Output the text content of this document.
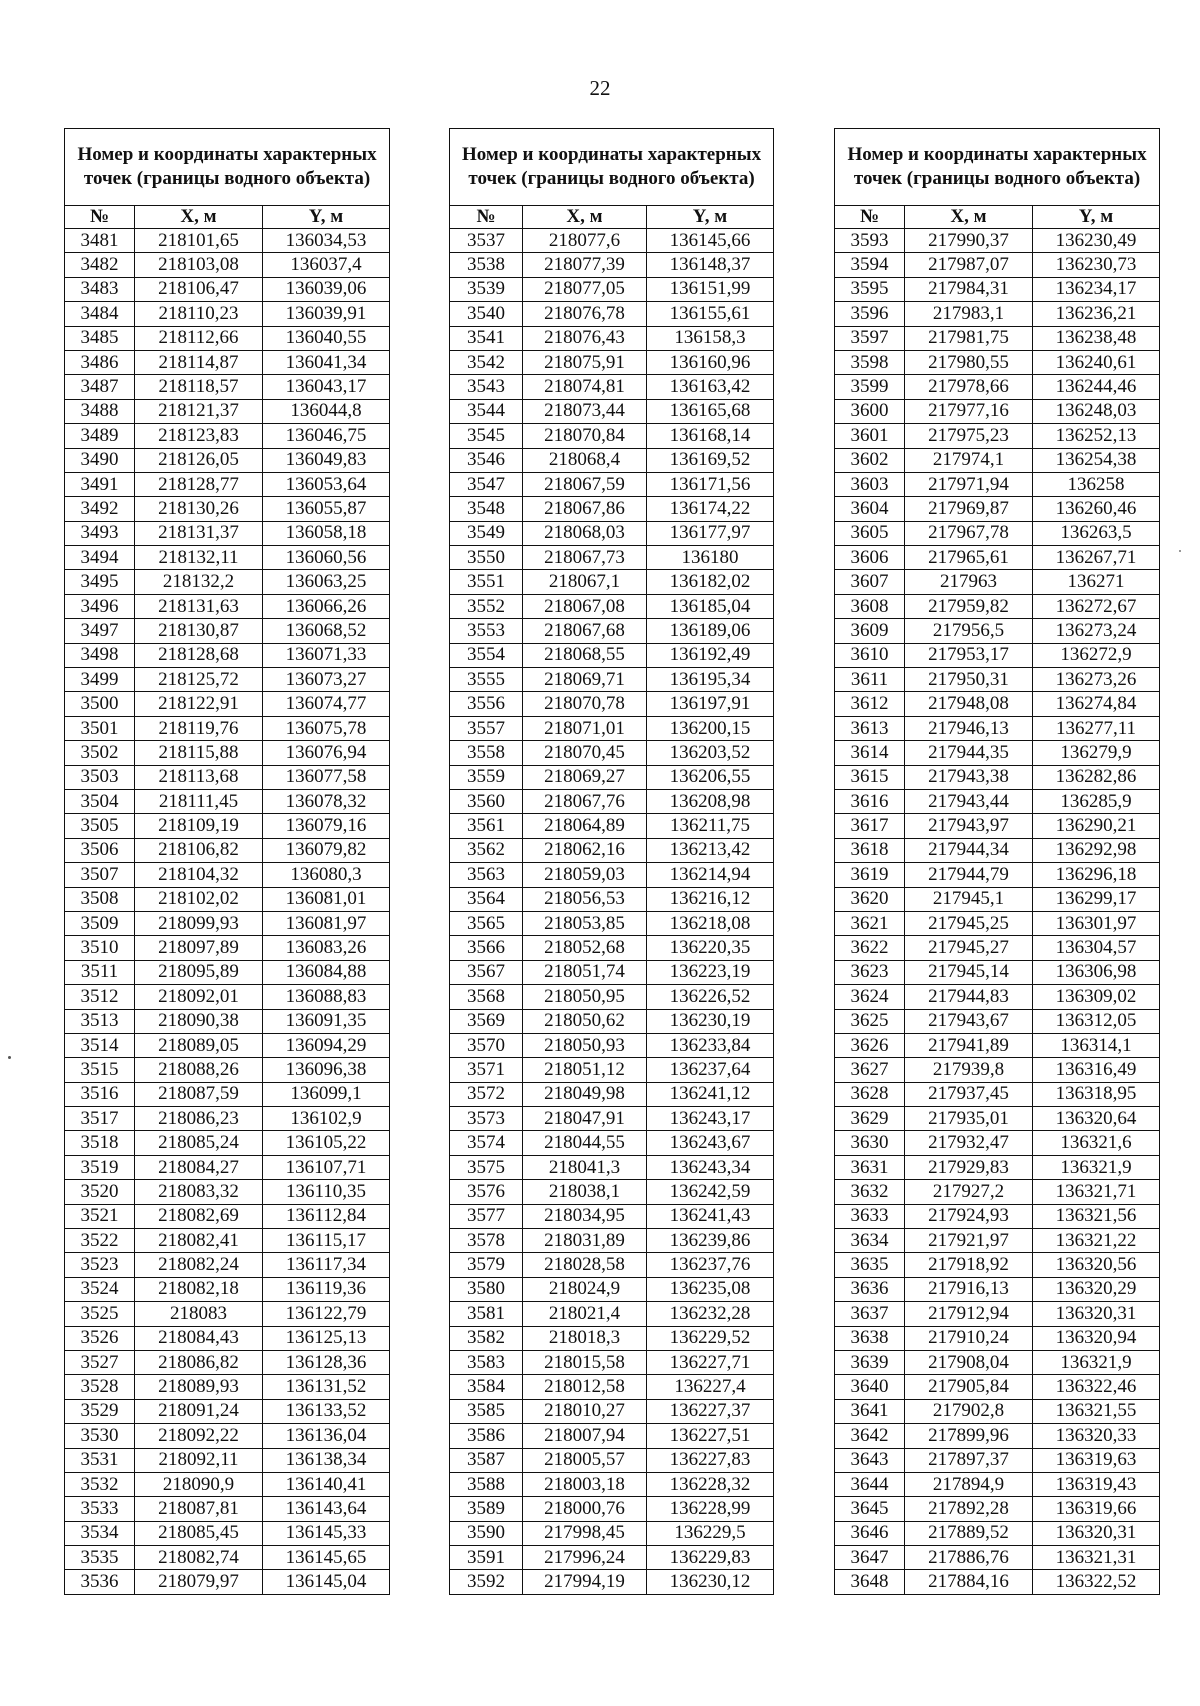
22
Номер и координаты характерных точек (границы водного объекта)		
№	X, м	Y, м
3481	218101,65	136034,53
3482	218103,08	136037,4
3483	218106,47	136039,06
3484	218110,23	136039,91
3485	218112,66	136040,55
3486	218114,87	136041,34
3487	218118,57	136043,17
3488	218121,37	136044,8
3489	218123,83	136046,75
3490	218126,05	136049,83
3491	218128,77	136053,64
3492	218130,26	136055,87
3493	218131,37	136058,18
3494	218132,11	136060,56
3495	218132,2	136063,25
3496	218131,63	136066,26
3497	218130,87	136068,52
3498	218128,68	136071,33
3499	218125,72	136073,27
3500	218122,91	136074,77
3501	218119,76	136075,78
3502	218115,88	136076,94
3503	218113,68	136077,58
3504	218111,45	136078,32
3505	218109,19	136079,16
3506	218106,82	136079,82
3507	218104,32	136080,3
3508	218102,02	136081,01
3509	218099,93	136081,97
3510	218097,89	136083,26
3511	218095,89	136084,88
3512	218092,01	136088,83
3513	218090,38	136091,35
3514	218089,05	136094,29
3515	218088,26	136096,38
3516	218087,59	136099,1
3517	218086,23	136102,9
3518	218085,24	136105,22
3519	218084,27	136107,71
3520	218083,32	136110,35
3521	218082,69	136112,84
3522	218082,41	136115,17
3523	218082,24	136117,34
3524	218082,18	136119,36
3525	218083	136122,79
3526	218084,43	136125,13
3527	218086,82	136128,36
3528	218089,93	136131,52
3529	218091,24	136133,52
3530	218092,22	136136,04
3531	218092,11	136138,34
3532	218090,9	136140,41
3533	218087,81	136143,64
3534	218085,45	136145,33
3535	218082,74	136145,65
3536	218079,97	136145,04
Номер и координаты характерных точек (границы водного объекта)		
№	X, м	Y, м
3537	218077,6	136145,66
3538	218077,39	136148,37
3539	218077,05	136151,99
3540	218076,78	136155,61
3541	218076,43	136158,3
3542	218075,91	136160,96
3543	218074,81	136163,42
3544	218073,44	136165,68
3545	218070,84	136168,14
3546	218068,4	136169,52
3547	218067,59	136171,56
3548	218067,86	136174,22
3549	218068,03	136177,97
3550	218067,73	136180
3551	218067,1	136182,02
3552	218067,08	136185,04
3553	218067,68	136189,06
3554	218068,55	136192,49
3555	218069,71	136195,34
3556	218070,78	136197,91
3557	218071,01	136200,15
3558	218070,45	136203,52
3559	218069,27	136206,55
3560	218067,76	136208,98
3561	218064,89	136211,75
3562	218062,16	136213,42
3563	218059,03	136214,94
3564	218056,53	136216,12
3565	218053,85	136218,08
3566	218052,68	136220,35
3567	218051,74	136223,19
3568	218050,95	136226,52
3569	218050,62	136230,19
3570	218050,93	136233,84
3571	218051,12	136237,64
3572	218049,98	136241,12
3573	218047,91	136243,17
3574	218044,55	136243,67
3575	218041,3	136243,34
3576	218038,1	136242,59
3577	218034,95	136241,43
3578	218031,89	136239,86
3579	218028,58	136237,76
3580	218024,9	136235,08
3581	218021,4	136232,28
3582	218018,3	136229,52
3583	218015,58	136227,71
3584	218012,58	136227,4
3585	218010,27	136227,37
3586	218007,94	136227,51
3587	218005,57	136227,83
3588	218003,18	136228,32
3589	218000,76	136228,99
3590	217998,45	136229,5
3591	217996,24	136229,83
3592	217994,19	136230,12
Номер и координаты характерных точек (границы водного объекта)		
№	X, м	Y, м
3593	217990,37	136230,49
3594	217987,07	136230,73
3595	217984,31	136234,17
3596	217983,1	136236,21
3597	217981,75	136238,48
3598	217980,55	136240,61
3599	217978,66	136244,46
3600	217977,16	136248,03
3601	217975,23	136252,13
3602	217974,1	136254,38
3603	217971,94	136258
3604	217969,87	136260,46
3605	217967,78	136263,5
3606	217965,61	136267,71
3607	217963	136271
3608	217959,82	136272,67
3609	217956,5	136273,24
3610	217953,17	136272,9
3611	217950,31	136273,26
3612	217948,08	136274,84
3613	217946,13	136277,11
3614	217944,35	136279,9
3615	217943,38	136282,86
3616	217943,44	136285,9
3617	217943,97	136290,21
3618	217944,34	136292,98
3619	217944,79	136296,18
3620	217945,1	136299,17
3621	217945,25	136301,97
3622	217945,27	136304,57
3623	217945,14	136306,98
3624	217944,83	136309,02
3625	217943,67	136312,05
3626	217941,89	136314,1
3627	217939,8	136316,49
3628	217937,45	136318,95
3629	217935,01	136320,64
3630	217932,47	136321,6
3631	217929,83	136321,9
3632	217927,2	136321,71
3633	217924,93	136321,56
3634	217921,97	136321,22
3635	217918,92	136320,56
3636	217916,13	136320,29
3637	217912,94	136320,31
3638	217910,24	136320,94
3639	217908,04	136321,9
3640	217905,84	136322,46
3641	217902,8	136321,55
3642	217899,96	136320,33
3643	217897,37	136319,63
3644	217894,9	136319,43
3645	217892,28	136319,66
3646	217889,52	136320,31
3647	217886,76	136321,31
3648	217884,16	136322,52
